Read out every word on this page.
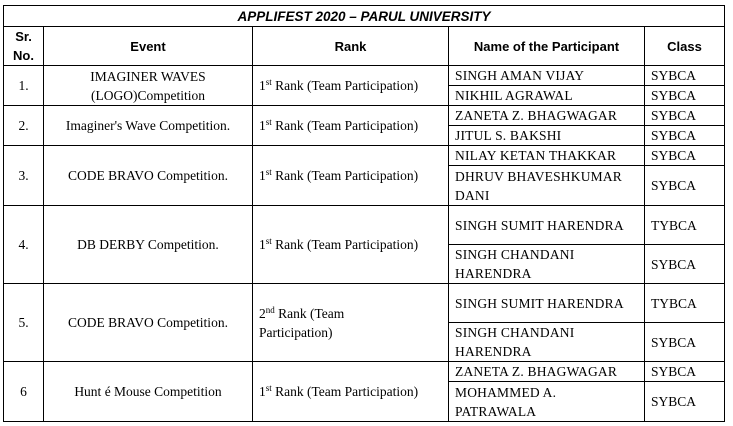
APPLIFEST 2020 – PARUL UNIVERSITY				
Sr. No.	Event	Rank	Name of the Participant	Class
1.	IMAGINER WAVES (LOGO)Competition	1st Rank (Team Participation)	SINGH AMAN VIJAY	SYBCA
			NIKHIL AGRAWAL	SYBCA
2.	Imaginer's Wave Competition.	1st Rank (Team Participation)	ZANETA Z. BHAGWAGAR	SYBCA
			JITUL S. BAKSHI	SYBCA
3.	CODE BRAVO Competition.	1st Rank (Team Participation)	NILAY KETAN THAKKAR	SYBCA
			DHRUV BHAVESHKUMAR DANI	SYBCA
4.	DB DERBY Competition.	1st Rank (Team Participation)	SINGH SUMIT HARENDRA	TYBCA
			SINGH CHANDANI HARENDRA	SYBCA
5.	CODE BRAVO Competition.	2nd Rank (Team Participation)	SINGH SUMIT HARENDRA	TYBCA
			SINGH CHANDANI HARENDRA	SYBCA
6	Hunt é Mouse Competition	1st Rank (Team Participation)	ZANETA Z. BHAGWAGAR	SYBCA
			MOHAMMED A. PATRAWALA	SYBCA
